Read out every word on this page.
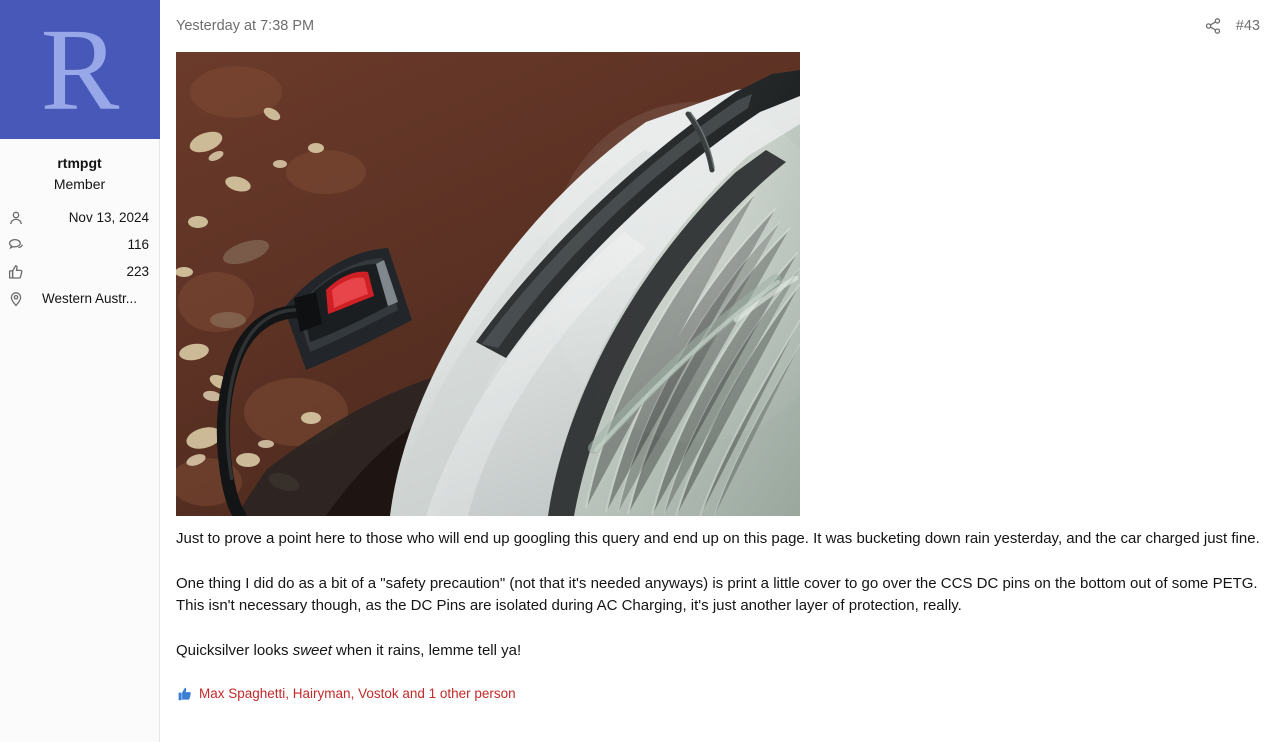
R
rtmpgt
Member
Nov 13, 2024
116
223
Western Austr...
Yesterday at 7:38 PM	#43

Just to prove a point here to those who will end up googling this query and end up on this page. It was bucketing down rain yesterday, and the car charged just fine.

One thing I did do as a bit of a "safety precaution" (not that it's needed anyways) is print a little cover to go over the CCS DC pins on the bottom out of some PETG. This isn't necessary though, as the DC Pins are isolated during AC Charging, it's just another layer of protection, really.

Quicksilver looks sweet when it rains, lemme tell ya!

Max Spaghetti, Hairyman, Vostok and 1 other person
